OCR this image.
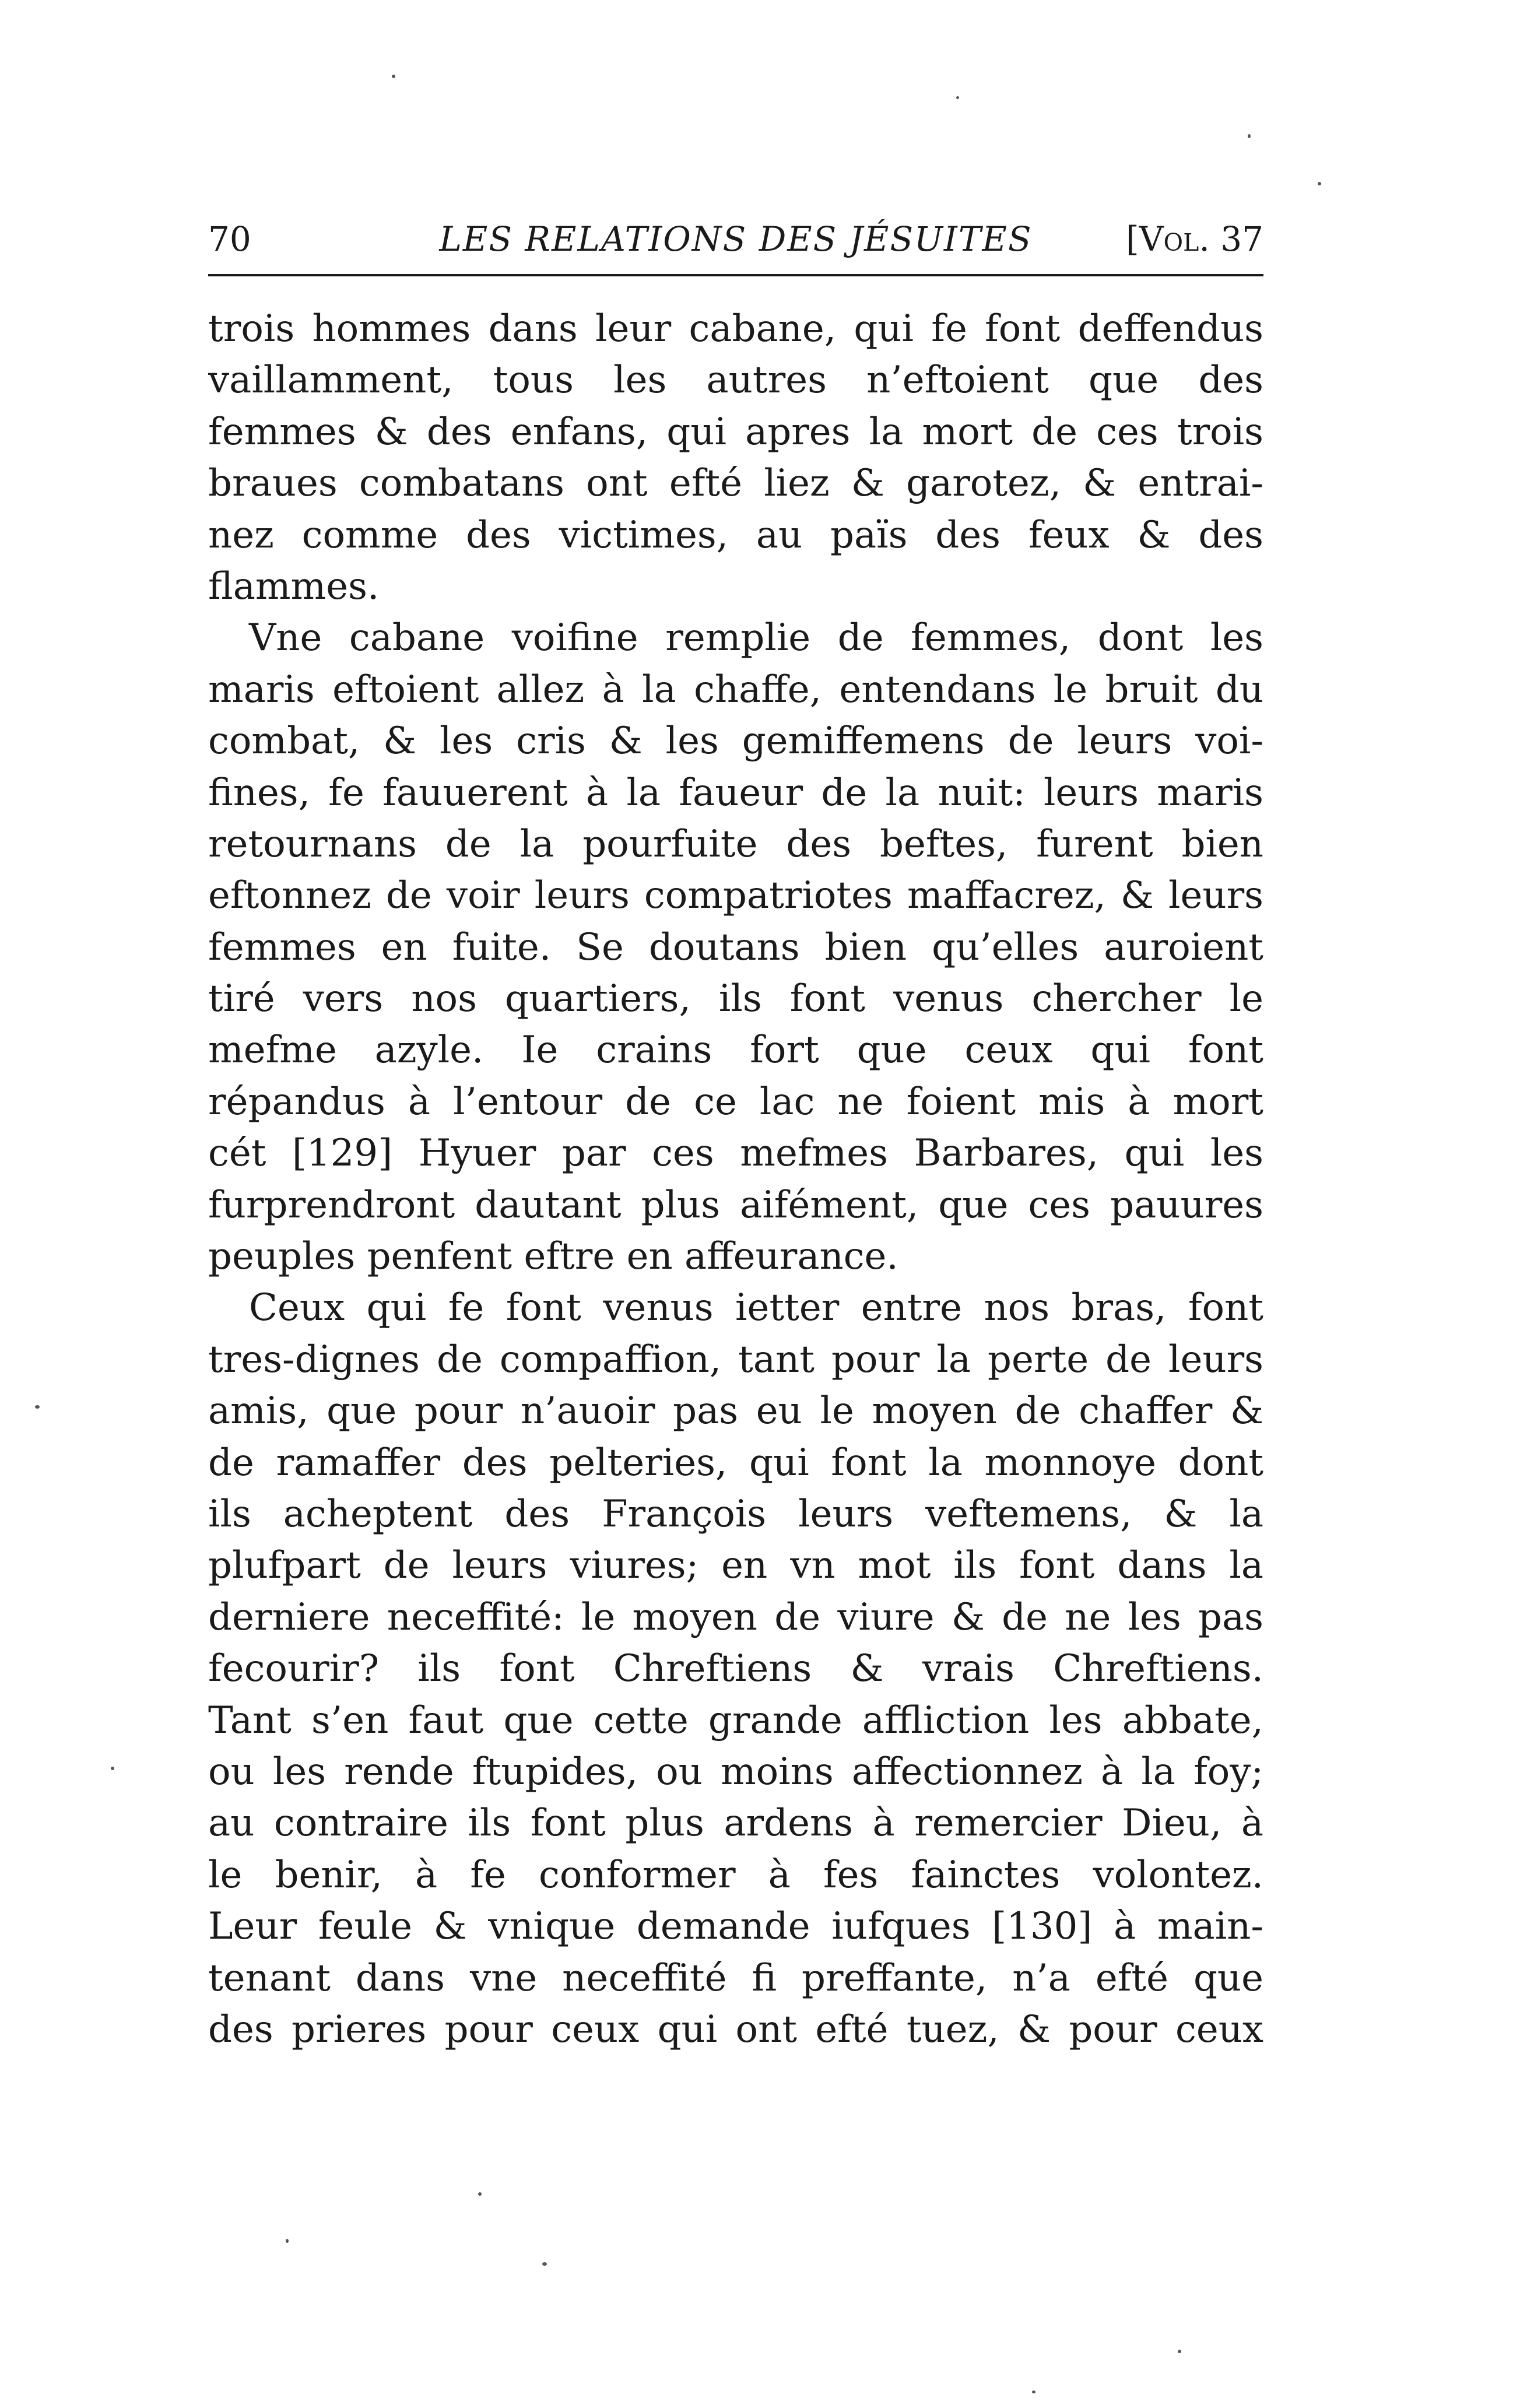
70	LES RELATIONS DES JÉSUITES	[Vol. 37
trois hommes dans leur cabane, qui fe font deffendus
vaillamment, tous les autres n’eftoient que des
femmes & des enfans, qui apres la mort de ces trois
braues combatans ont efté liez & garotez, & entrai-
nez comme des victimes, au païs des feux & des
flammes.
Vne cabane voifine remplie de femmes, dont les
maris eftoient allez à la chaffe, entendans le bruit du
combat, & les cris & les gemiffemens de leurs voi-
fines, fe fauuerent à la faueur de la nuit: leurs maris
retournans de la pourfuite des beftes, furent bien
eftonnez de voir leurs compatriotes maffacrez, & leurs
femmes en fuite. Se doutans bien qu’elles auroient
tiré vers nos quartiers, ils font venus chercher le
mefme azyle. Ie crains fort que ceux qui font
répandus à l’entour de ce lac ne foient mis à mort
cét [129] Hyuer par ces mefmes Barbares, qui les
furprendront dautant plus aifément, que ces pauures
peuples penfent eftre en affeurance.
Ceux qui fe font venus ietter entre nos bras, font
tres-dignes de compaffion, tant pour la perte de leurs
amis, que pour n’auoir pas eu le moyen de chaffer &
de ramaffer des pelteries, qui font la monnoye dont
ils acheptent des François leurs veftemens, & la
plufpart de leurs viures; en vn mot ils font dans la
derniere neceffité: le moyen de viure & de ne les pas
fecourir? ils font Chreftiens & vrais Chreftiens.
Tant s’en faut que cette grande affliction les abbate,
ou les rende ftupides, ou moins affectionnez à la foy;
au contraire ils font plus ardens à remercier Dieu, à
le benir, à fe conformer à fes fainctes volontez.
Leur feule & vnique demande iufques [130] à main-
tenant dans vne neceffité fi preffante, n’a efté que
des prieres pour ceux qui ont efté tuez, & pour ceux
